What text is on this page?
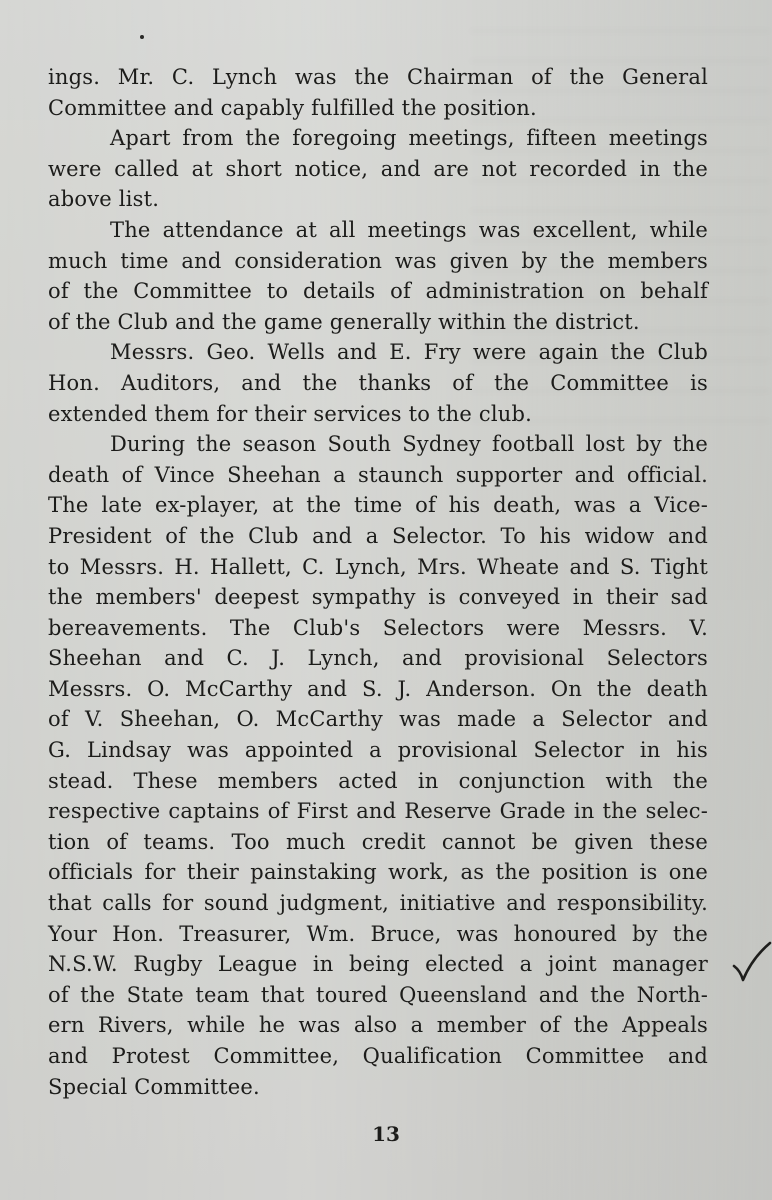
ings. Mr. C. Lynch was the Chairman of the General
Committee and capably fulfilled the position.
Apart from the foregoing meetings, fifteen meetings
were called at short notice, and are not recorded in the
above list.
The attendance at all meetings was excellent, while
much time and consideration was given by the members
of the Committee to details of administration on behalf
of the Club and the game generally within the district.
Messrs. Geo. Wells and E. Fry were again the Club
Hon. Auditors, and the thanks of the Committee is
extended them for their services to the club.
During the season South Sydney football lost by the
death of Vince Sheehan a staunch supporter and official.
The late ex-player, at the time of his death, was a Vice-
President of the Club and a Selector. To his widow and
to Messrs. H. Hallett, C. Lynch, Mrs. Wheate and S. Tight
the members' deepest sympathy is conveyed in their sad
bereavements. The Club's Selectors were Messrs. V.
Sheehan and C. J. Lynch, and provisional Selectors
Messrs. O. McCarthy and S. J. Anderson. On the death
of V. Sheehan, O. McCarthy was made a Selector and
G. Lindsay was appointed a provisional Selector in his
stead. These members acted in conjunction with the
respective captains of First and Reserve Grade in the selec-
tion of teams. Too much credit cannot be given these
officials for their painstaking work, as the position is one
that calls for sound judgment, initiative and responsibility.
Your Hon. Treasurer, Wm. Bruce, was honoured by the
N.S.W. Rugby League in being elected a joint manager
of the State team that toured Queensland and the North-
ern Rivers, while he was also a member of the Appeals
and Protest Committee, Qualification Committee and
Special Committee.
13
